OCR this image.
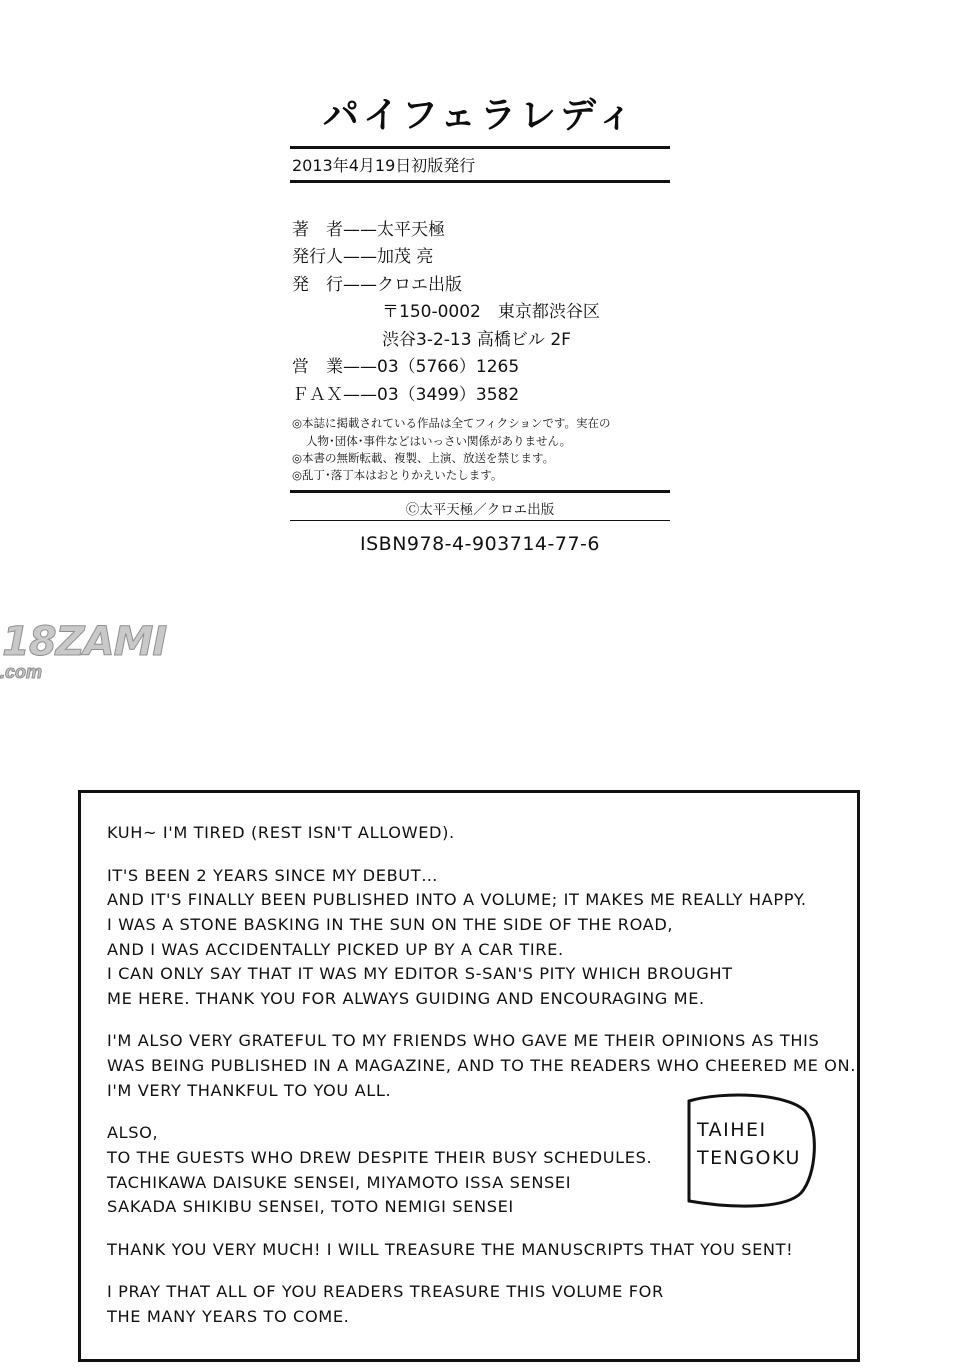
パイフェラレディ
2013年4月19日初版発行
著　者——太平天極
発行人——加茂 亮
発　行——クロエ出版
〒150-0002　東京都渋谷区
渋谷3-2-13 高橋ビル 2F
営　業——03（5766）1265
ＦＡＸ——03（3499）3582
◎本誌に掲載されている作品は全てフィクションです。実在の
人物･団体･事件などはいっさい関係がありません。
◎本書の無断転載、複製、上演、放送を禁じます。
◎乱丁･落丁本はおとりかえいたします。
Ⓒ太平天極／クロエ出版
ISBN978-4-903714-77-6
18ZAMI.com
KUH~ I'M TIRED (REST ISN'T ALLOWED).
IT'S BEEN 2 YEARS SINCE MY DEBUT…
AND IT'S FINALLY BEEN PUBLISHED INTO A VOLUME; IT MAKES ME REALLY HAPPY.
I WAS A STONE BASKING IN THE SUN ON THE SIDE OF THE ROAD,
AND I WAS ACCIDENTALLY PICKED UP BY A CAR TIRE.
I CAN ONLY SAY THAT IT WAS MY EDITOR S-SAN'S PITY WHICH BROUGHT
ME HERE. THANK YOU FOR ALWAYS GUIDING AND ENCOURAGING ME.
I'M ALSO VERY GRATEFUL TO MY FRIENDS WHO GAVE ME THEIR OPINIONS AS THIS
WAS BEING PUBLISHED IN A MAGAZINE, AND TO THE READERS WHO CHEERED ME ON.
I'M VERY THANKFUL TO YOU ALL.
ALSO,
TO THE GUESTS WHO DREW DESPITE THEIR BUSY SCHEDULES.
TACHIKAWA DAISUKE SENSEI, MIYAMOTO ISSA SENSEI
SAKADA SHIKIBU SENSEI, TOTO NEMIGI SENSEI
THANK YOU VERY MUCH! I WILL TREASURE THE MANUSCRIPTS THAT YOU SENT!
I PRAY THAT ALL OF YOU READERS TREASURE THIS VOLUME FOR
THE MANY YEARS TO COME.
TAIHEI
TENGOKU
